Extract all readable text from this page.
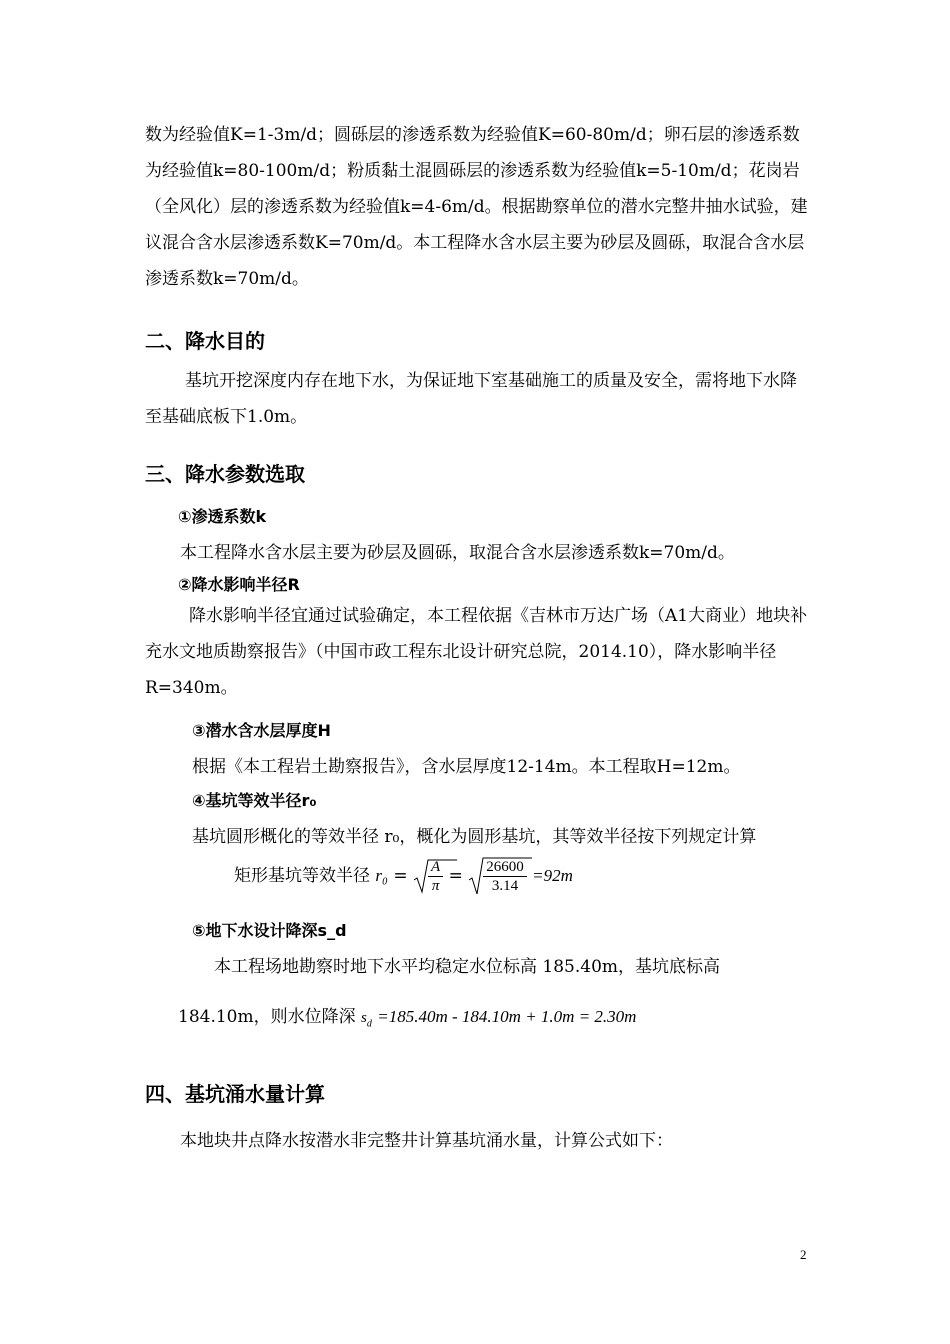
数为经验值K=1-3m/d；圆砾层的渗透系数为经验值K=60-80m/d；卵石层的渗透系数为经验值k=80-100m/d；粉质黏土混圆砾层的渗透系数为经验值k=5-10m/d；花岗岩（全风化）层的渗透系数为经验值k=4-6m/d。根据勘察单位的潜水完整井抽水试验，建议混合含水层渗透系数K=70m/d。本工程降水含水层主要为砂层及圆砾，取混合含水层渗透系数k=70m/d。

二、降水目的

基坑开挖深度内存在地下水，为保证地下室基础施工的质量及安全，需将地下水降至基础底板下1.0m。

三、降水参数选取
①渗透系数k
本工程降水含水层主要为砂层及圆砾，取混合含水层渗透系数k=70m/d。
②降水影响半径R

降水影响半径宜通过试验确定，本工程依据《吉林市万达广场（A1大商业）地块补充水文地质勘察报告》（中国市政工程东北设计研究总院，2014.10），降水影响半径R=340m。

③潜水含水层厚度H
根据《本工程岩土勘察报告》，含水层厚度12-14m。本工程取H=12m。
④基坑等效半径r₀
基坑圆形概化的等效半径 r₀，概化为圆形基坑，其等效半径按下列规定计算
矩形基坑等效半径 $r_0 = \frac{A}{\pi} = \frac{26600}{3.14} =92m$
⑤地下水设计降深s_d
本工程场地勘察时地下水平均稳定水位标高 185.40m，基坑底标高
184.10m，则水位降深 $s_d =185.40m - 184.10m + 1.0m = 2.30m$
四、基坑涌水量计算
本地块井点降水按潜水非完整井计算基坑涌水量，计算公式如下：
2
